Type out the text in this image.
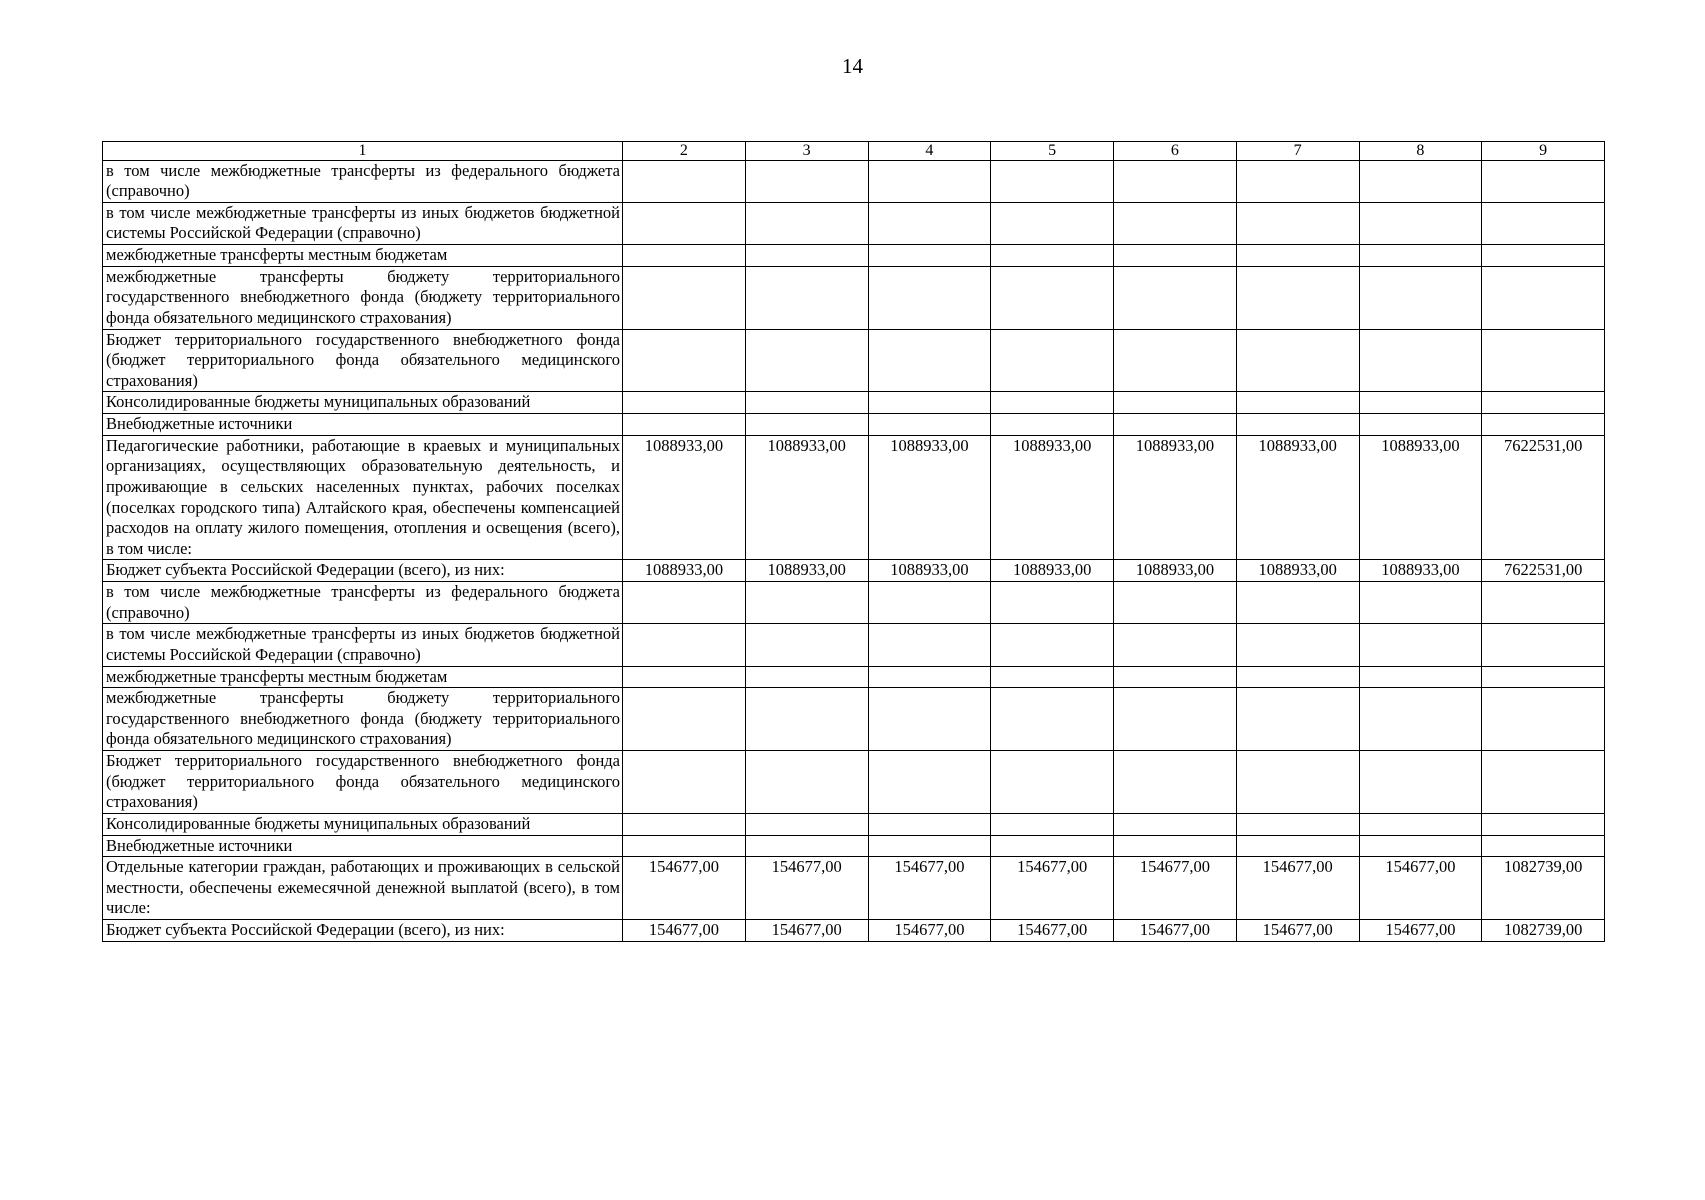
14
1	2	3	4	5	6	7	8	9
в том числе межбюджетные трансферты из федерального бюджета (справочно)								
в том числе межбюджетные трансферты из иных бюджетов бюджетной системы Российской Федерации (справочно)								
межбюджетные трансферты местным бюджетам								
межбюджетные трансферты бюджету территориального государственного внебюджетного фонда (бюджету территориального фонда обязательного медицинского страхования)								
Бюджет территориального государственного внебюджетного фонда (бюджет территориального фонда обязательного медицинского страхования)								
Консолидированные бюджеты муниципальных образований								
Внебюджетные источники								
Педагогические работники, работающие в краевых и муниципальных организациях, осуществляющих образовательную деятельность, и проживающие в сельских населенных пунктах, рабочих поселках (поселках городского типа) Алтайского края, обеспечены компенсацией расходов на оплату жилого помещения, отопления и освещения (всего), в том числе:	1088933,00	1088933,00	1088933,00	1088933,00	1088933,00	1088933,00	1088933,00	7622531,00
Бюджет субъекта Российской Федерации (всего), из них:	1088933,00	1088933,00	1088933,00	1088933,00	1088933,00	1088933,00	1088933,00	7622531,00
в том числе межбюджетные трансферты из федерального бюджета (справочно)								
в том числе межбюджетные трансферты из иных бюджетов бюджетной системы Российской Федерации (справочно)								
межбюджетные трансферты местным бюджетам								
межбюджетные трансферты бюджету территориального государственного внебюджетного фонда (бюджету территориального фонда обязательного медицинского страхования)								
Бюджет территориального государственного внебюджетного фонда (бюджет территориального фонда обязательного медицинского страхования)								
Консолидированные бюджеты муниципальных образований								
Внебюджетные источники								
Отдельные категории граждан, работающих и проживающих в сельской местности, обеспечены ежемесячной денежной выплатой (всего), в том числе:	154677,00	154677,00	154677,00	154677,00	154677,00	154677,00	154677,00	1082739,00
Бюджет субъекта Российской Федерации (всего), из них:	154677,00	154677,00	154677,00	154677,00	154677,00	154677,00	154677,00	1082739,00
